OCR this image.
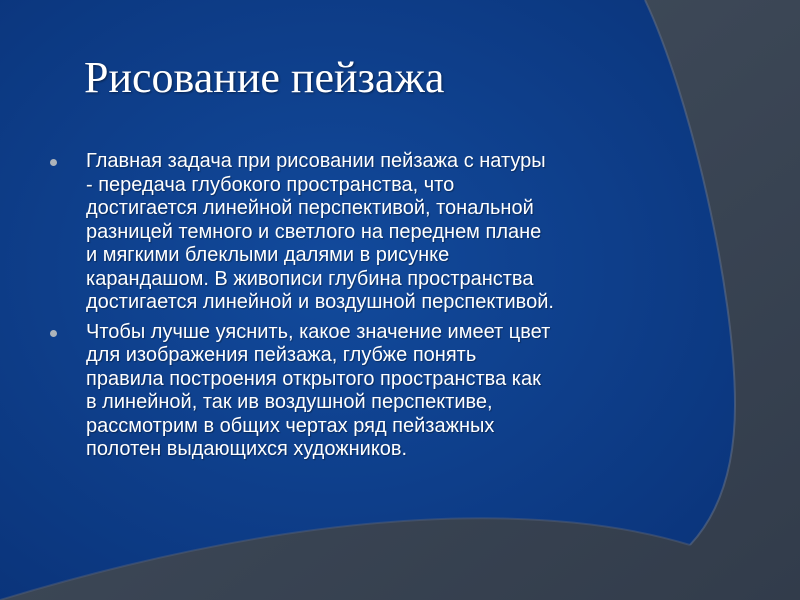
Рисование пейзажа
Главная задача при рисовании пейзажа с натуры
- передача глубокого пространства, что
достигается линейной перспективой, тональной
разницей темного и светлого на переднем плане
и мягкими блеклыми далями в рисунке
карандашом. В живописи глубина пространства
достигается линейной и воздушной перспективой.
Чтобы лучше уяснить, какое значение имеет цвет
для изображения пейзажа, глубже понять
правила построения открытого пространства как
в линейной, так ив воздушной перспективе,
рассмотрим в общих чертах ряд пейзажных
полотен выдающихся художников.
